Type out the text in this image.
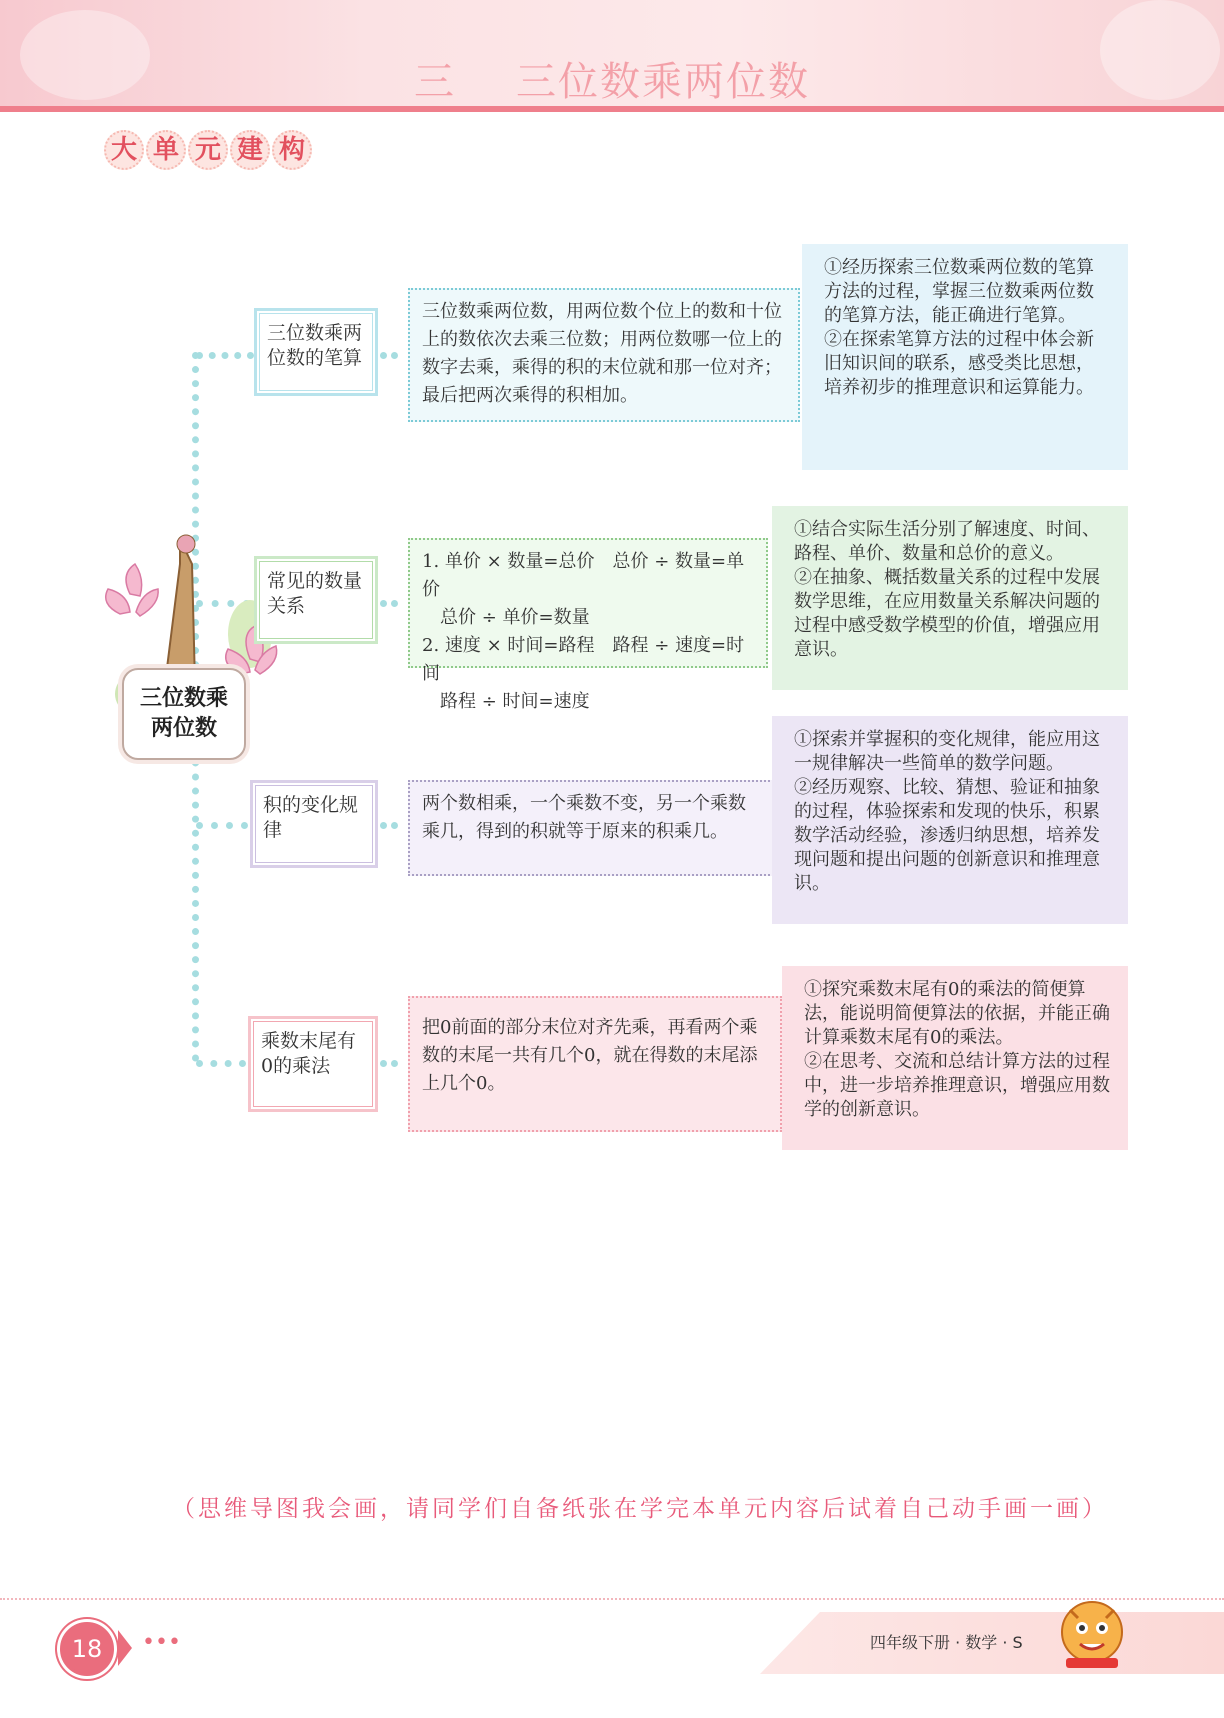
三 三位数乘两位数
大 单 元 建 构
三位数乘
两位数
三位数乘两位数的笔算
三位数乘两位数，用两位数个位上的数和十位上的数依次去乘三位数；用两位数哪一位上的数字去乘，乘得的积的末位就和那一位对齐；最后把两次乘得的积相加。

①经历探索三位数乘两位数的笔算方法的过程，掌握三位数乘两位数的笔算方法，能正确进行笔算。
②在探索笔算方法的过程中体会新旧知识间的联系，感受类比思想，培养初步的推理意识和运算能力。

常见的数量关系
1. 单价 × 数量=总价　总价 ÷ 数量=单价
　总价 ÷ 单价=数量
2. 速度 × 时间=路程　路程 ÷ 速度=时间
　路程 ÷ 时间=速度

①结合实际生活分别了解速度、时间、路程、单价、数量和总价的意义。
②在抽象、概括数量关系的过程中发展数学思维，在应用数量关系解决问题的过程中感受数学模型的价值，增强应用意识。

积的变化规律
两个数相乘，一个乘数不变，另一个乘数乘几，得到的积就等于原来的积乘几。

①探索并掌握积的变化规律，能应用这一规律解决一些简单的数学问题。
②经历观察、比较、猜想、验证和抽象的过程，体验探索和发现的快乐，积累数学活动经验，渗透归纳思想，培养发现问题和提出问题的创新意识和推理意识。

乘数末尾有0的乘法
把0前面的部分末位对齐先乘，再看两个乘数的末尾一共有几个0，就在得数的末尾添上几个0。

①探究乘数末尾有0的乘法的简便算法，能说明简便算法的依据，并能正确计算乘数末尾有0的乘法。
②在思考、交流和总结计算方法的过程中，进一步培养推理意识，增强应用数学的创新意识。

（思维导图我会画，请同学们自备纸张在学完本单元内容后试着自己动手画一画）
18	•••	四年级下册 · 数学 · S
